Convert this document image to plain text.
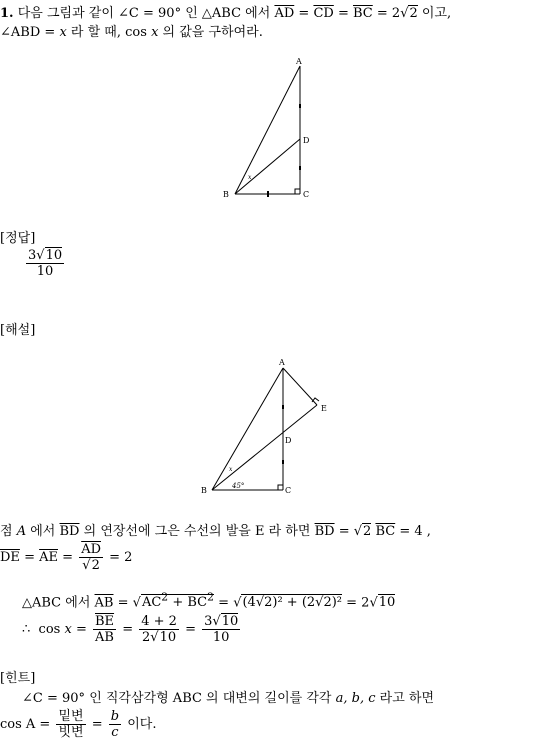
1. 다음 그림과 같이 ∠C = 90° 인 △ABC 에서 $\overline{AD} = \overline{CD} = \overline{BC} = 2√2$ 이고,
∠ABD = x 라 할 때, cos x 의 값을 구하여라.
A
B	C
D
x
[정답]
$\frac{3√10}{10}$
[해설]
A
B	C
D
E
x
45°
점 A 에서 $\overline{BD}$ 의 연장선에 그은 수선의 발을 E 라 하면 $\overline{BD} = √2$ $\overline{BC} = 4$ ,
$\overline{DE} = \overline{AE} = \frac{\overline{AD}}{√2} = 2$
△ABC 에서 $\overline{AB} = √AC^2 + \overline{BC}^2 = √(4√2)^2 + (2√2)^2 = 2√10$
∴ $\cos x = \frac{\overline{BE}}{AB} = \frac{4 + 2}{2√10} = \frac{3√10}{10}$
[힌트]
∠C = 90° 인 직각삼각형 ABC 의 대변의 길이를 각각 a, b, c 라고 하면
$\cos A = \frac{\text{밑변}}{\text{빗변}} = \frac{b}{c}$ 이다.
